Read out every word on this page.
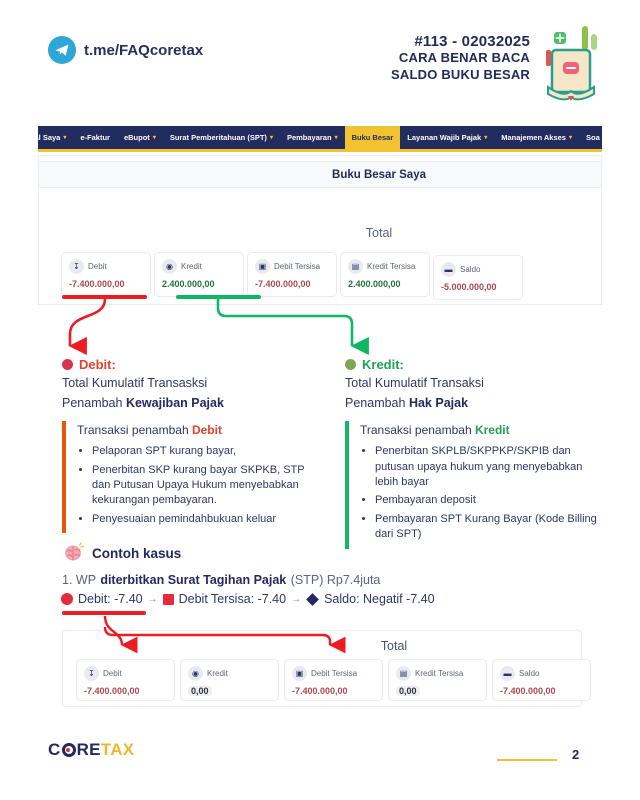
t.me/FAQcoretax
#113 - 02032025
CARA BENAR BACA
SALDO BUKU BESAR
tal Saya ▾ e-Faktur eBupot ▾ Surat Pemberitahuan (SPT) ▾ Pembayaran ▾ Buku Besar Layanan Wajib Pajak ▾ Manajemen Akses ▾ Soa
Buku Besar Saya
Total
↧	Debit
-7.400.000,00
◉	Kredit
2.400.000,00
▣ Debit Tersisa
-7.400.000,00
▤ Kredit Tersisa
2.400.000,00
▬ Saldo
-5.000.000,00
Debit:
Total Kumulatif Transasksi
Penambah Kewajiban Pajak
Transaksi penambah Debit
• Pelaporan SPT kurang bayar,
• Penerbitan SKP kurang bayar SKPKB, STP dan Putusan Upaya Hukum menyebabkan kekurangan pembayaran.
• Penyesuaian pemindahbukuan keluar
Kredit:
Total Kumulatif Transaksi
Penambah Hak Pajak
Transaksi penambah Kredit
• Penerbitan SKPLB/SKPPKP/SKPIB dan putusan upaya hukum yang menyebabkan lebih bayar
• Pembayaran deposit
• Pembayaran SPT Kurang Bayar (Kode Billing dari SPT)
Contoh kasus
1. WP diterbitkan Surat Tagihan Pajak (STP) Rp7.4juta
Debit: -7.40 → Debit Tersisa: -7.40 → Saldo: Negatif -7.40
Total
↧	Debit
-7.400.000,00
◉	Kredit
0,00
▣ Debit Tersisa
-7.400.000,00
▤ Kredit Tersisa
0,00
▬ Saldo
-7.400.000,00
C RE TAX	2
